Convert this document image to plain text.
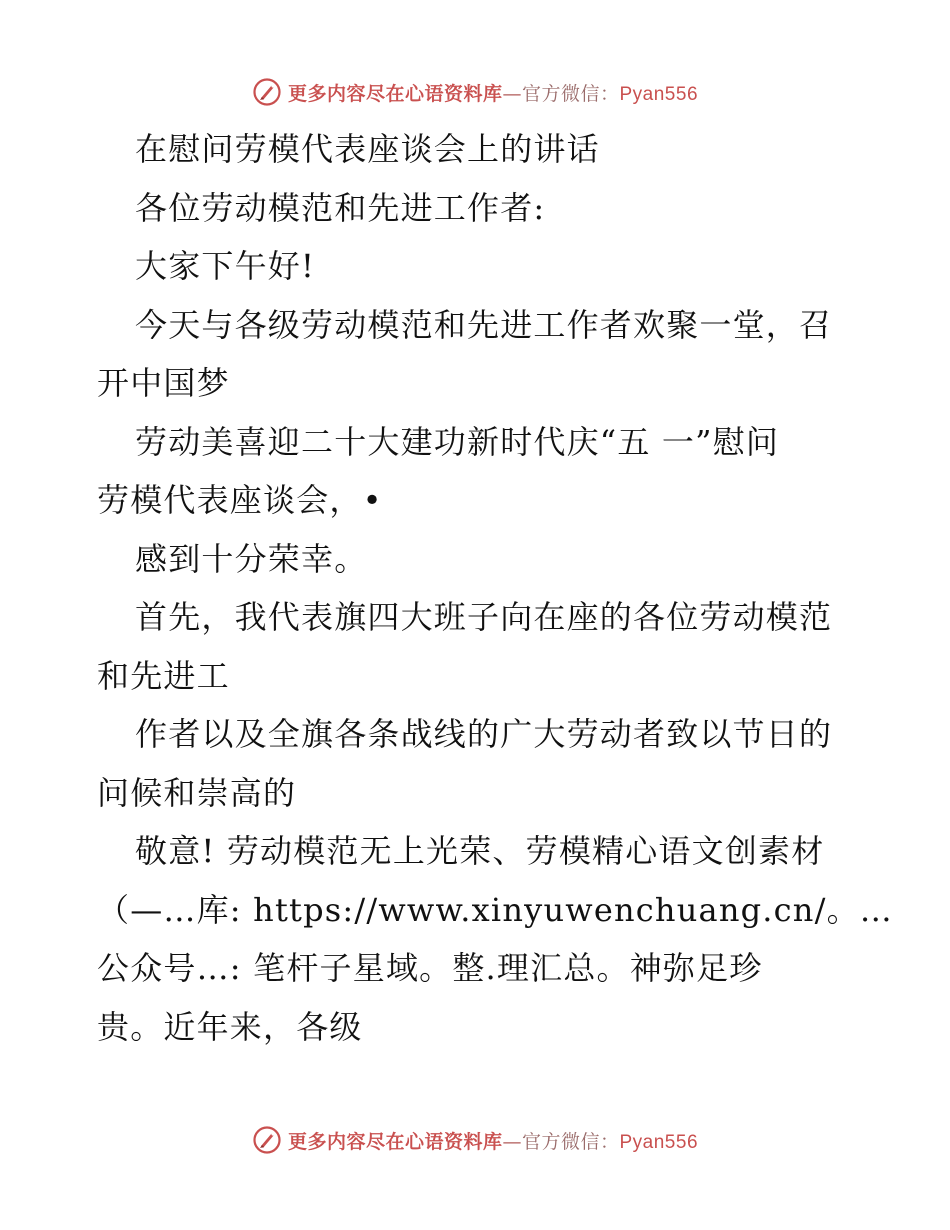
更多内容尽在心语资料库—官方微信：Pyan556
在慰问劳模代表座谈会上的讲话
各位劳动模范和先进工作者:
大家下午好!
今天与各级劳动模范和先进工作者欢聚一堂，召
开中国梦
劳动美喜迎二十大建功新时代庆“五 一”慰问
劳模代表座谈会，•
感到十分荣幸。
首先，我代表旗四大班子向在座的各位劳动模范
和先进工
作者以及全旗各条战线的广大劳动者致以节日的
问候和崇高的
敬意! 劳动模范无上光荣、劳模精心语文创素材
（—…库: https://www.xinyuwenchuang.cn/。…
公众号…: 笔杆子星域。整.理汇总。神弥足珍
贵。近年来，各级
更多内容尽在心语资料库—官方微信：Pyan556
